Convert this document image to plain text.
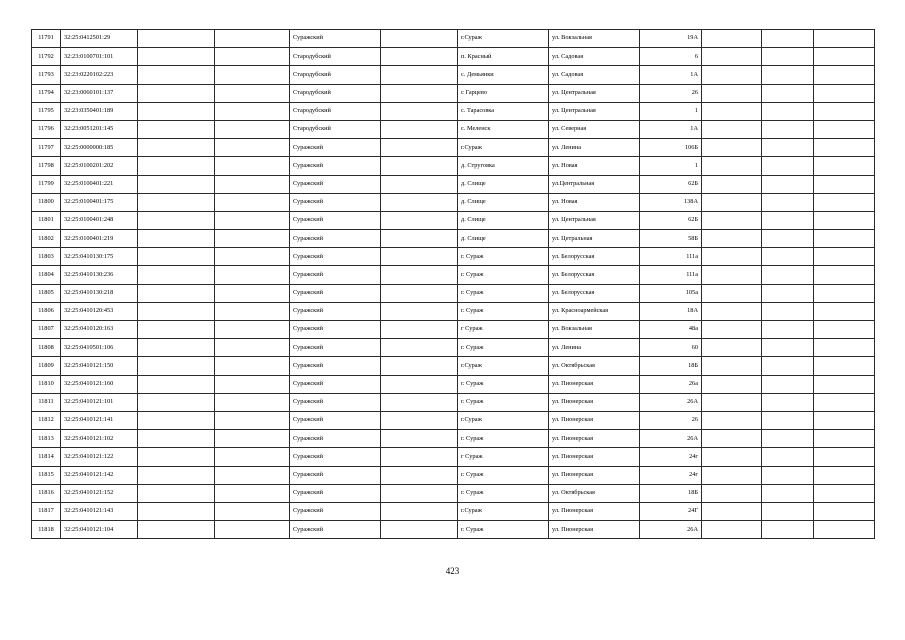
11791	32:25:0412501:29			Суражский		г.Сураж	ул. Вокзальная	19А			
11792	32:23:0100701:101			Стародубский		п. Красный	ул. Садовая	6			
11793	32:23:0220102:223			Стародубский		с. Демьянки	ул. Садовая	1А			
11794	32:23:0060101:137			Стародубский		с Гарцево	ул. Центральная	26			
11795	32:23:0350401:189			Стародубский		с. Тарасовка	ул. Центральная	1			
11796	32:23:0051201:145			Стародубский		с. Меленск	ул. Северная	1А			
11797	32:25:0000000:185			Суражский		г.Сураж	ул. Ленина	106Б			
11798	32:25:0100201:202			Суражский		д. Струговка	ул. Новая	1			
11799	32:25:0100401:221			Суражский		д. Слище	ул.Центральная	62Б			
11800	32:25:0100401:175			Суражский		д. Слище	ул. Новая	138А			
11801	32:25:0100401:248			Суражский		д. Слище	ул. Центральная	62Б			
11802	32:25:0100401:219			Суражский		д. Слище	ул. Цетральная	58Б			
11803	32:25:0410130:175			Суражский		г. Сураж	ул. Белорусская	111а			
11804	32:25:0410130:236			Суражский		г. Сураж	ул. Белорусская	111а			
11805	32:25:0410130:218			Суражский		г. Сураж	ул. Белорусская	105а			
11806	32:25:0410120:453			Суражский		г. Сураж	ул. Красноармейская	18А			
11807	32:25:0410120:163			Суражский		г Сураж	ул. Вокзальная	48а			
11808	32:25:0410501:106			Суражский		г. Сураж	ул. Ленина	60			
11809	32:25:0410121:150			Суражский		г.Сураж	ул. Октябрьская	18Б			
11810	32:25:0410121:160			Суражский		г. Сураж	ул. Пионерская	26а			
11811	32:25:0410121:101			Суражский		г. Сураж	ул. Пионерская	26А			
11812	32:25:0410121:141			Суражский		г.Сураж	ул. Пионерская	26			
11813	32:25:0410121:102			Суражский		г. Сураж	ул. Пионерская	26А			
11814	32:25:0410121:122			Суражский		г Сураж	ул. Пионерская	24г			
11815	32:25:0410121:142			Суражский		г. Сураж	ул. Пионерская	24г			
11816	32:25:0410121:152			Суражский		г. Сураж	ул. Октябрьская	18Б			
11817	32:25:0410121:143			Суражский		г.Сураж	ул. Пионерская	24Г			
11818	32:25:0410121:104			Суражский		г. Сураж	ул. Пионерская	26А			
423
